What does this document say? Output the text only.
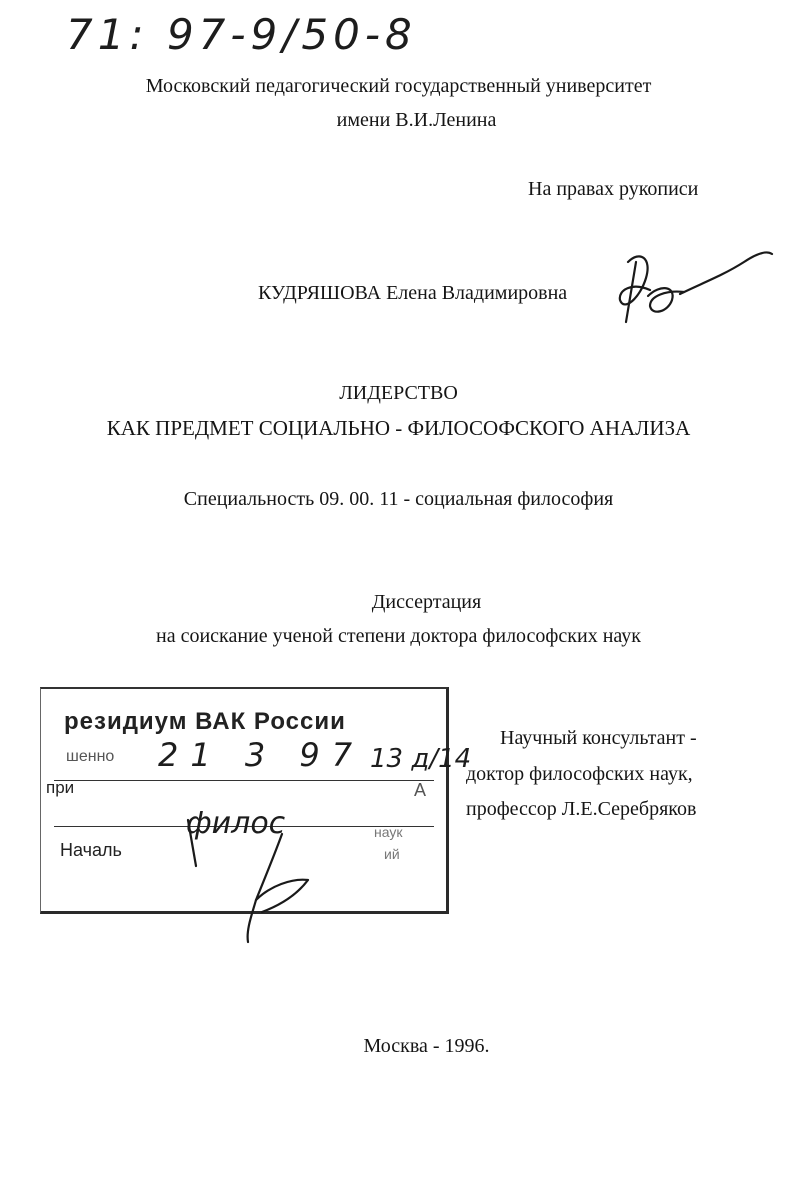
71: 97-9/50-8
Московский педагогический государственный университет
имени В.И.Ленина
На правах рукописи
КУДРЯШОВА Елена Владимировна
ЛИДЕРСТВО
КАК ПРЕДМЕТ СОЦИАЛЬНО - ФИЛОСОФСКОГО АНАЛИЗА
Специальность 09. 00. 11 - социальная философия
Диссертация
на соискание ученой степени доктора философских наук
резидиум ВАК России
шенно 21 3 97 13 д/14
при	А
наук
филос
Началь	ий
Научный консультант -
доктор философских наук,
профессор Л.Е.Серебряков
Москва - 1996.
